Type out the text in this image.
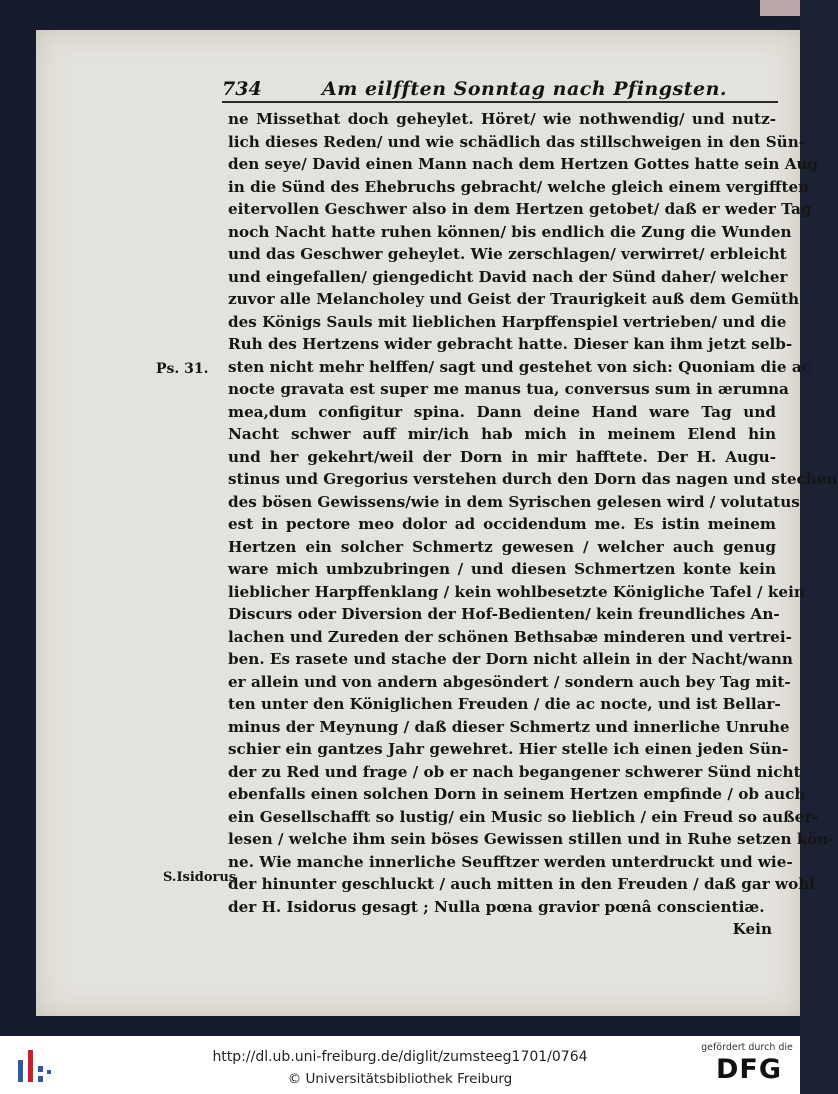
734	Am eilfften Sonntag nach Pfingsten.
Ps. 31.
S.Isidorus
ne Missethat doch geheylet. Höret/ wie nothwendig/ und nutz-
lich dieses Reden/ und wie schädlich das stillschweigen in den Sün-
den seye/ David einen Mann nach dem Hertzen Gottes hatte sein Aug
in die Sünd des Ehebruchs gebracht/ welche gleich einem vergifften
eitervollen Geschwer also in dem Hertzen getobet/ daß er weder Tag
noch Nacht hatte ruhen können/ bis endlich die Zung die Wunden
und das Geschwer geheylet. Wie zerschlagen/ verwirret/ erbleicht
und eingefallen/ giengedicht David nach der Sünd daher/ welcher
zuvor alle Melancholey und Geist der Traurigkeit auß dem Gemüth
des Königs Sauls mit lieblichen Harpffenspiel vertrieben/ und die
Ruh des Hertzens wider gebracht hatte. Dieser kan ihm jetzt selb-
sten nicht mehr helffen/ sagt und gestehet von sich: Quoniam die ac
nocte gravata est super me manus tua, conversus sum in ærumna
mea,dum configitur spina. Dann deine Hand ware Tag und
Nacht schwer auff mir/ich hab mich in meinem Elend hin
und her gekehrt/weil der Dorn in mir hafftete. Der H. Augu-
stinus und Gregorius verstehen durch den Dorn das nagen und stechen
des bösen Gewissens/wie in dem Syrischen gelesen wird / volutatus
est in pectore meo dolor ad occidendum me. Es istin meinem
Hertzen ein solcher Schmertz gewesen / welcher auch genug
ware mich umbzubringen / und diesen Schmertzen konte kein
lieblicher Harpffenklang / kein wohlbesetzte Königliche Tafel / kein
Discurs oder Diversion der Hof-Bedienten/ kein freundliches An-
lachen und Zureden der schönen Bethsabæ minderen und vertrei-
ben. Es rasete und stache der Dorn nicht allein in der Nacht/wann
er allein und von andern abgesöndert / sondern auch bey Tag mit-
ten unter den Königlichen Freuden / die ac nocte, und ist Bellar-
minus der Meynung / daß dieser Schmertz und innerliche Unruhe
schier ein gantzes Jahr gewehret. Hier stelle ich einen jeden Sün-
der zu Red und frage / ob er nach begangener schwerer Sünd nicht
ebenfalls einen solchen Dorn in seinem Hertzen empfinde / ob auch
ein Gesellschafft so lustig/ ein Music so lieblich / ein Freud so außer-
lesen / welche ihm sein böses Gewissen stillen und in Ruhe setzen kön-
ne. Wie manche innerliche Seufftzer werden unterdruckt und wie-
der hinunter geschluckt / auch mitten in den Freuden / daß gar wohl
der H. Isidorus gesagt ; Nulla pœna gravior pœnâ conscientiæ.
Kein
http://dl.ub.uni-freiburg.de/diglit/zumsteeg1701/0764
© Universitätsbibliothek Freiburg
gefördert durch die
DFG
